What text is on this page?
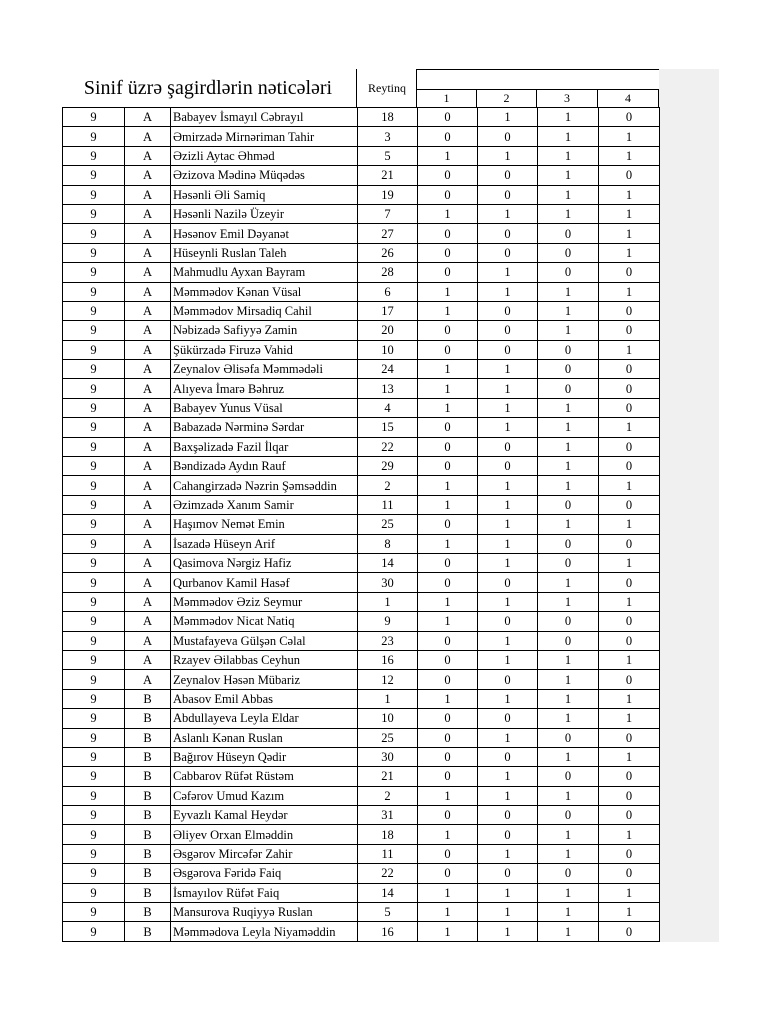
Sinif üzrə şagirdlərin nəticələri	Reytinq
1	2	3	4
9	A	Babayev İsmayıl Cəbrayıl	18	0	1	1	0
9	A	Əmirzadə Mirnəriman Tahir	3	0	0	1	1
9	A	Əzizli Aytac Əhməd	5	1	1	1	1
9	A	Əzizova Mədinə Müqədəs	21	0	0	1	0
9	A	Həsənli Əli Samiq	19	0	0	1	1
9	A	Həsənli Nazilə Üzeyir	7	1	1	1	1
9	A	Həsənov Emil Dəyanət	27	0	0	0	1
9	A	Hüseynli Ruslan Taleh	26	0	0	0	1
9	A	Mahmudlu Ayxan Bayram	28	0	1	0	0
9	A	Məmmədov Kənan Vüsal	6	1	1	1	1
9	A	Məmmədov Mirsadiq Cahil	17	1	0	1	0
9	A	Nəbizadə Safiyyə Zamin	20	0	0	1	0
9	A	Şükürzadə Firuzə Vahid	10	0	0	0	1
9	A	Zeynalov Əlisəfa Məmmədəli	24	1	1	0	0
9	A	Alıyeva İmarə Bəhruz	13	1	1	0	0
9	A	Babayev Yunus Vüsal	4	1	1	1	0
9	A	Babazadə Nərminə Sərdar	15	0	1	1	1
9	A	Baxşəlizadə Fazil İlqar	22	0	0	1	0
9	A	Bəndizadə Aydın Rauf	29	0	0	1	0
9	A	Cahangirzadə Nəzrin Şəmsəddin	2	1	1	1	1
9	A	Əzimzadə Xanım Samir	11	1	1	0	0
9	A	Haşımov Nemət Emin	25	0	1	1	1
9	A	İsazadə Hüseyn Arif	8	1	1	0	0
9	A	Qasimova Nərgiz Hafiz	14	0	1	0	1
9	A	Qurbanov Kamil Hasəf	30	0	0	1	0
9	A	Məmmədov Əziz Seymur	1	1	1	1	1
9	A	Məmmədov Nicat Natiq	9	1	0	0	0
9	A	Mustafayeva Gülşən Cəlal	23	0	1	0	0
9	A	Rzayev Əilabbas Ceyhun	16	0	1	1	1
9	A	Zeynalov Həsən Mübariz	12	0	0	1	0
9	B	Abasov Emil Abbas	1	1	1	1	1
9	B	Abdullayeva Leyla Eldar	10	0	0	1	1
9	B	Aslanlı Kənan Ruslan	25	0	1	0	0
9	B	Bağırov Hüseyn Qədir	30	0	0	1	1
9	B	Cabbarov Rüfət Rüstəm	21	0	1	0	0
9	B	Cəfərov Umud Kazım	2	1	1	1	0
9	B	Eyvazlı Kamal Heydər	31	0	0	0	0
9	B	Əliyev Orxan Elməddin	18	1	0	1	1
9	B	Əsgərov Mircəfər Zahir	11	0	1	1	0
9	B	Əsgərova Fəridə Faiq	22	0	0	0	0
9	B	İsmayılov Rüfət Faiq	14	1	1	1	1
9	B	Mansurova Ruqiyyə Ruslan	5	1	1	1	1
9	B	Məmmədova Leyla Niyaməddin	16	1	1	1	0
